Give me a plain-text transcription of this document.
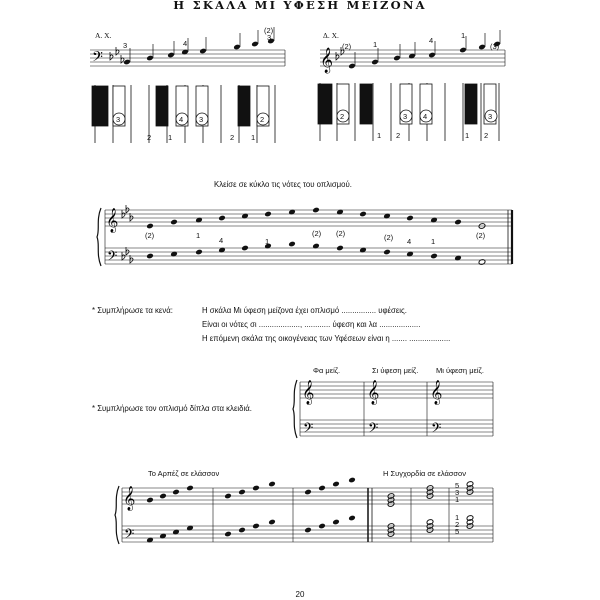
Η ΣΚΑΛΑ ΜΙ ΥΦΕΣΗ ΜΕΙΖΟΝΑ
𝄢	𝄞
𝄞
𝄢
𝄞
𝄢
𝄞
𝄢
𝄞
𝄢
𝄞
𝄢
Α. Χ.	Δ. Χ.
3	4
(2)
3
3	4 3	2
2 1	2 1
(2)	1	4
1
(3)
2	3 4	3
1 2	1 2
Κλείσε σε κύκλο τις νότες του οπλισμού.
(2)	1
4	1
(2)	(2)
(2)	(2) 4	1
* Συμπλήρωσε τα κενά:	Η σκάλα Μι ύφεση μείζονα έχει οπλισμό ................ υφέσεις.
Είναι οι νότες σι ..................., ............ ύφεση και λα ...................
Η επόμενη σκάλα της οικογένειας των Υφέσεων είναι η ....... ...................
* Συμπλήρωσε τον οπλισμό δίπλα στα κλειδιά.
Φα μείζ.	Σι ύφεση μείζ. Μι ύφεση μείζ.
Το Αρπέζ σε ελάσσον	Η Συγχορδία σε ελάσσον
5
3
1
1
2
5
20
